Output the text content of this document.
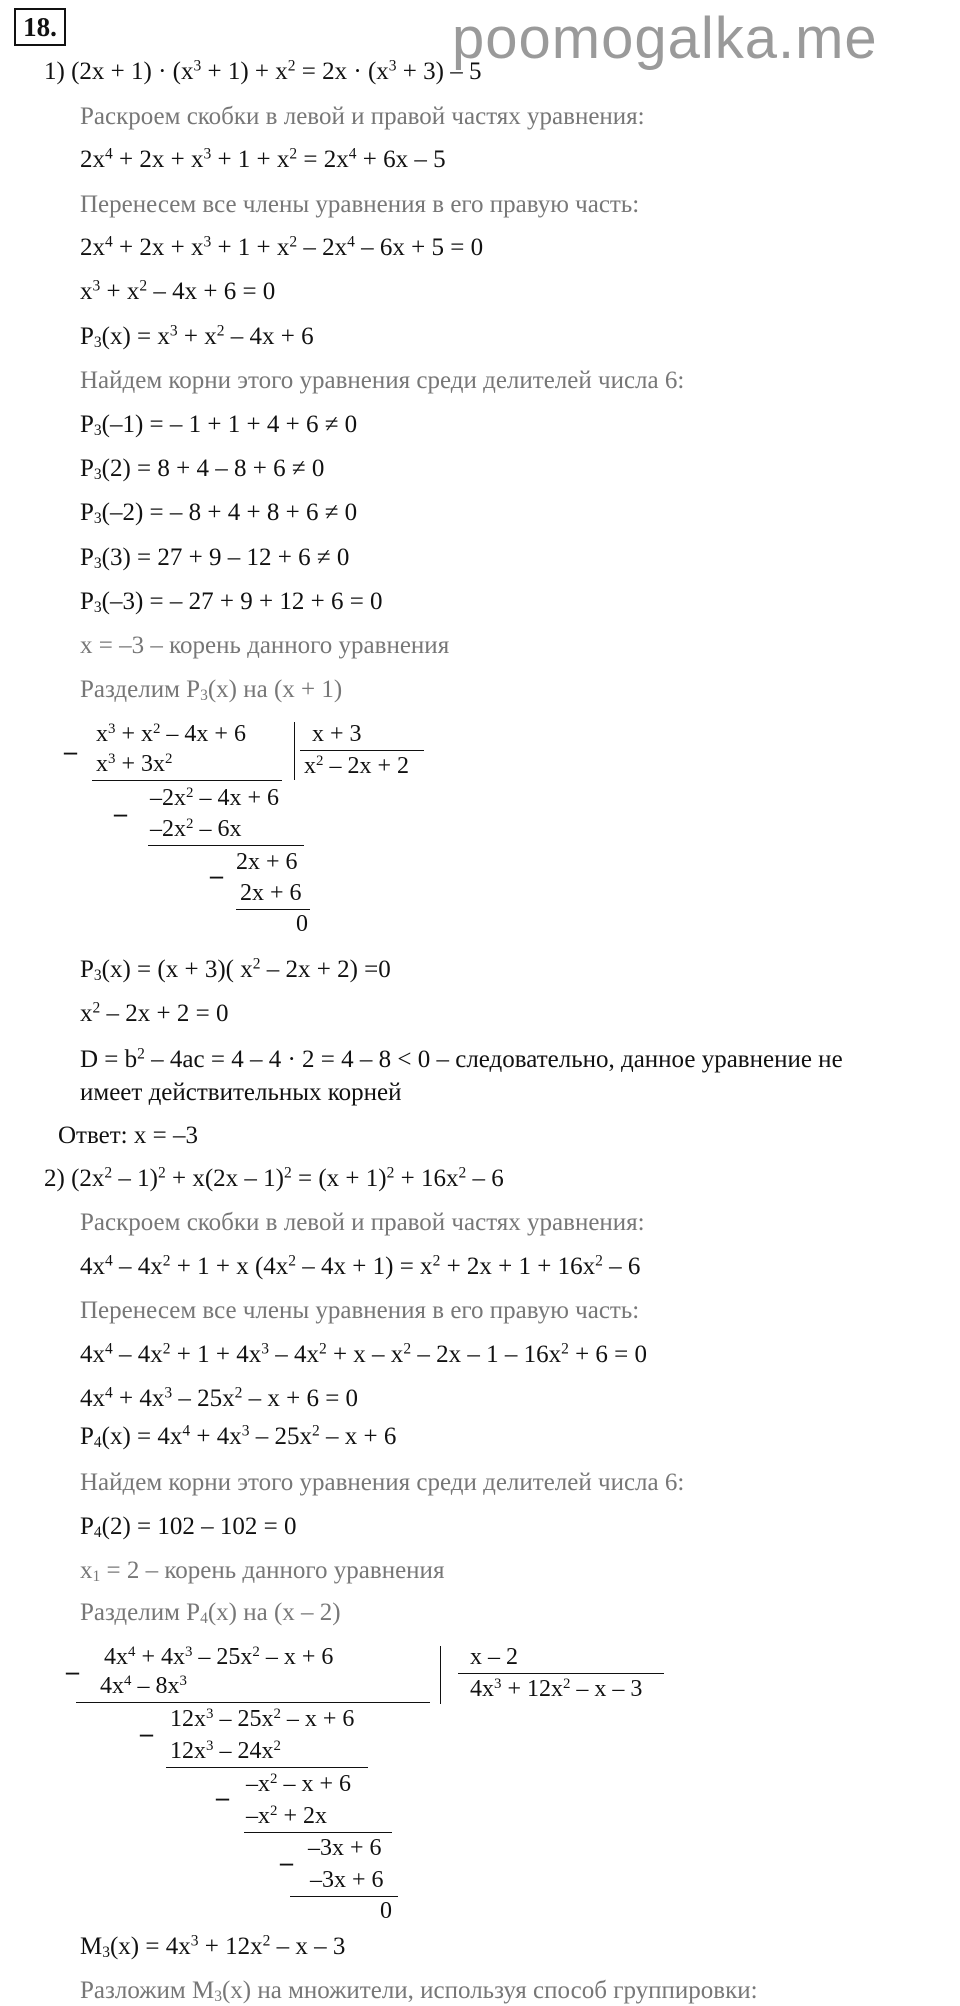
18.	poomogalka.me
1) $(2x + 1) \cdot (x^3 + 1) + x^2 = 2x \cdot (x^3 + 3) - 5$
Раскроем скобки в левой и правой частях уравнения:
$2x^4 + 2x + x^3 + 1 + x^2 = 2x^4 + 6x - 5$
Перенесем все члены уравнения в его правую часть:
$2x^4 + 2x + x^3 + 1 + x^2 - 2x^4 - 6x + 5 = 0$
$x^3 + x^2 - 4x + 6 = 0$
$P_3(x) = x^3 + x^2 - 4x + 6$
Найдем корни этого уравнения среди делителей числа 6:
$P_3(-1)$ = – 1 + 1 + 4 + 6 ≠ 0
$P_3(2) = 8 + 4 - 8 + 6 \ne 0$
$P_3(-2)$ = – 8 + 4 + 8 + 6 ≠ 0
$P_3(3) = 27 + 9 - 12 + 6 \ne 0$
$P_3(-3)$ = – 27 + 9 + 12 + 6 = 0
x = –3 – корень данного уравнения
Разделим $P_3(x)$ на (x + 1)
–
$x^3 + x^2 - 4x + 6$	x + 3
$x^2 - 2x + 2$
$x^3 + 3x^2$
–
$-2x^2 - 4x + 6$
$-2x^2 - 6x$
– 2x + 6
2x + 6
0
$P_3(x) = (x + 3)$( $x^2 - 2x + 2) =0$
$x^2 - 2x + 2 = 0$
$D = b^2 - 4ac = 4 - 4 \cdot 2 = 4 - 8 < 0$ – следовательно, данное уравнение не
имеет действительных корней
Ответ: x = –3
2) $(2x^2 - 1)^2 + x(2x - 1)^2 = (x + 1)^2 + 16x^2 - 6$
Раскроем скобки в левой и правой частях уравнения:
$4x^4 - 4x^2 + 1 + x$ $(4x^2 - 4x + 1) = x^2 + 2x + 1 + 16x^2 - 6$
Перенесем все члены уравнения в его правую часть:
$4x^4 - 4x^2 + 1 + 4x^3 - 4x^2 + x - x^2 - 2x - 1 - 16x^2 + 6 = 0$
$4x^4 + 4x^3 - 25x^2 - x + 6 = 0$
$P_4(x) = 4x^4 + 4x^3 - 25x^2 - x + 6$
Найдем корни этого уравнения среди делителей числа 6:
$P_4(2) = 102 - 102 = 0$
$x_1 = 2$ – корень данного уравнения
Разделим $P_4(x)$ на (x – 2)
– $4x^4 + 4x^3 - 25x^2 - x + 6$	x – 2
$4x^3 + 12x^2 - x - 3$
$4x^4 - 8x^3$
– $12x^3 - 25x^2 - x + 6$
$12x^3 - 24x^2$
– $-x^2 - x + 6$
$-x^2 + 2x$
– –3x + 6
–3x + 6
0
$M_3(x) = 4x^3 + 12x^2 - x - 3$
Разложим $M_3(x)$ на множители, используя способ группировки:
